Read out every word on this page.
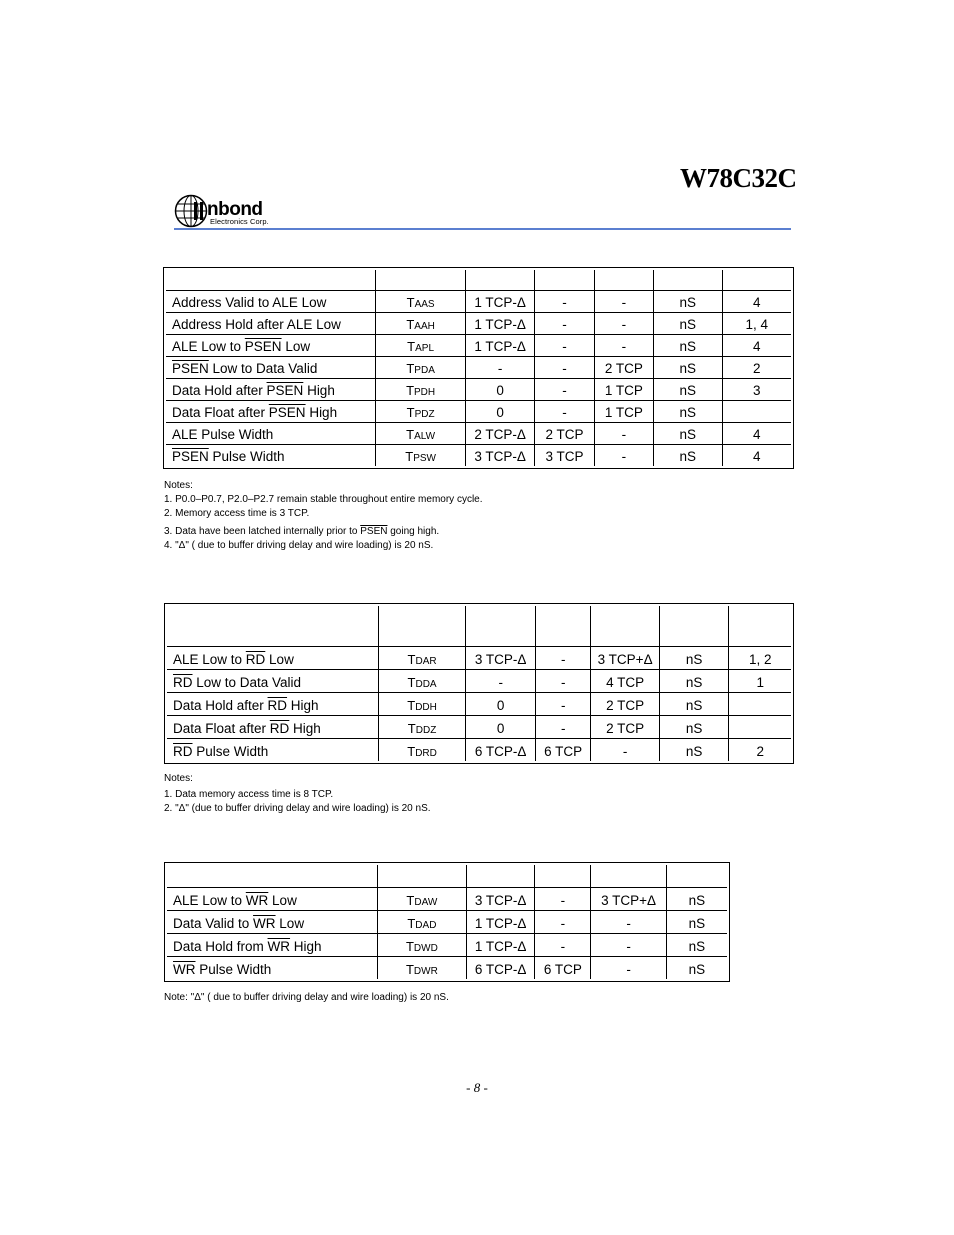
W78C32C
nbond
Electronics Corp.

Address Valid to ALE Low	TAAS	1 TCP-Δ	-	-	nS	4
Address Hold after ALE Low	TAAH	1 TCP-Δ	-	-	nS	1, 4
ALE Low to PSEN Low	TAPL	1 TCP-Δ	-	-	nS	4
PSEN Low to Data Valid	TPDA	-	-	2 TCP	nS	2
Data Hold after PSEN High	TPDH	0	-	1 TCP	nS	3
Data Float after PSEN High	TPDZ	0	-	1 TCP	nS	
ALE Pulse Width	TALW	2 TCP-Δ	2 TCP	-	nS	4
PSEN Pulse Width	TPSW	3 TCP-Δ	3 TCP	-	nS	4
Notes:
1. P0.0–P0.7, P2.0–P2.7 remain stable throughout entire memory cycle.
2. Memory access time is 3 TCP.
3. Data have been latched internally prior to PSEN going high.
4. "Δ" ( due to buffer driving delay and wire loading) is 20 nS.

ALE Low to $\overline{RD}$ Low	TDAR	3 TCP-Δ	-	3 TCP+Δ	nS	1, 2
$\overline{RD}$ Low to Data Valid	TDDA	-	-	4 TCP	nS	1
Data Hold after $\overline{RD}$ High	TDDH	0	-	2 TCP	nS	
Data Float after $\overline{RD}$ High	TDDZ	0	-	2 TCP	nS	
$\overline{RD}$ Pulse Width	TDRD	6 TCP-Δ	6 TCP	-	nS	2
Notes:
1. Data memory access time is 8 TCP.
2. "Δ" (due to buffer driving delay and wire loading) is 20 nS.

ALE Low to $\overline{WR}$ Low	TDAW	3 TCP-Δ	-	3 TCP+Δ	nS
Data Valid to $\overline{WR}$ Low	TDAD	1 TCP-Δ	-	-	nS
Data Hold from $\overline{WR}$ High	TDWD	1 TCP-Δ	-	-	nS
$\overline{WR}$ Pulse Width	TDWR	6 TCP-Δ	6 TCP	-	nS
Note: "Δ" ( due to buffer driving delay and wire loading) is 20 nS.
- 8 -
